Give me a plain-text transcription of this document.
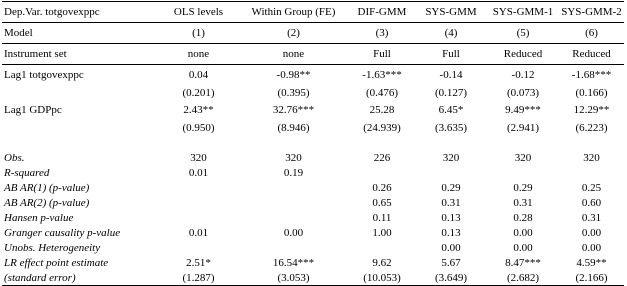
Dep.Var. totgovexppc	OLS levels	Within Group (FE)	DIF-GMM	SYS-GMM	SYS-GMM-1	SYS-GMM-2
Model	(1)	(2)	(3)	(4)	(5)	(6)
Instrument set	none	none	Full	Full	Reduced	Reduced
Lag1 totgovexppc	0.04	-0.98**	-1.63***	-0.14	-0.12	-1.68***
	(0.201)	(0.395)	(0.476)	(0.127)	(0.073)	(0.166)
Lag1 GDPpc	2.43**	32.76***	25.28	6.45*	9.49***	12.29**
	(0.950)	(8.946)	(24.939)	(3.635)	(2.941)	(6.223)

Obs.	320	320	226	320	320	320
R-squared	0.01	0.19				
AB AR(1) (p-value)			0.26	0.29	0.29	0.25
AB AR(2) (p-value)			0.65	0.31	0.31	0.60
Hansen p-value			0.11	0.13	0.28	0.31
Granger causality p-value	0.01	0.00	1.00	0.13	0.00	0.00
Unobs. Heterogeneity				0.00	0.00	0.00
LR effect point estimate	2.51*	16.54***	9.62	5.67	8.47***	4.59**
(standard error)	(1.287)	(3.053)	(10.053)	(3.649)	(2.682)	(2.166)
